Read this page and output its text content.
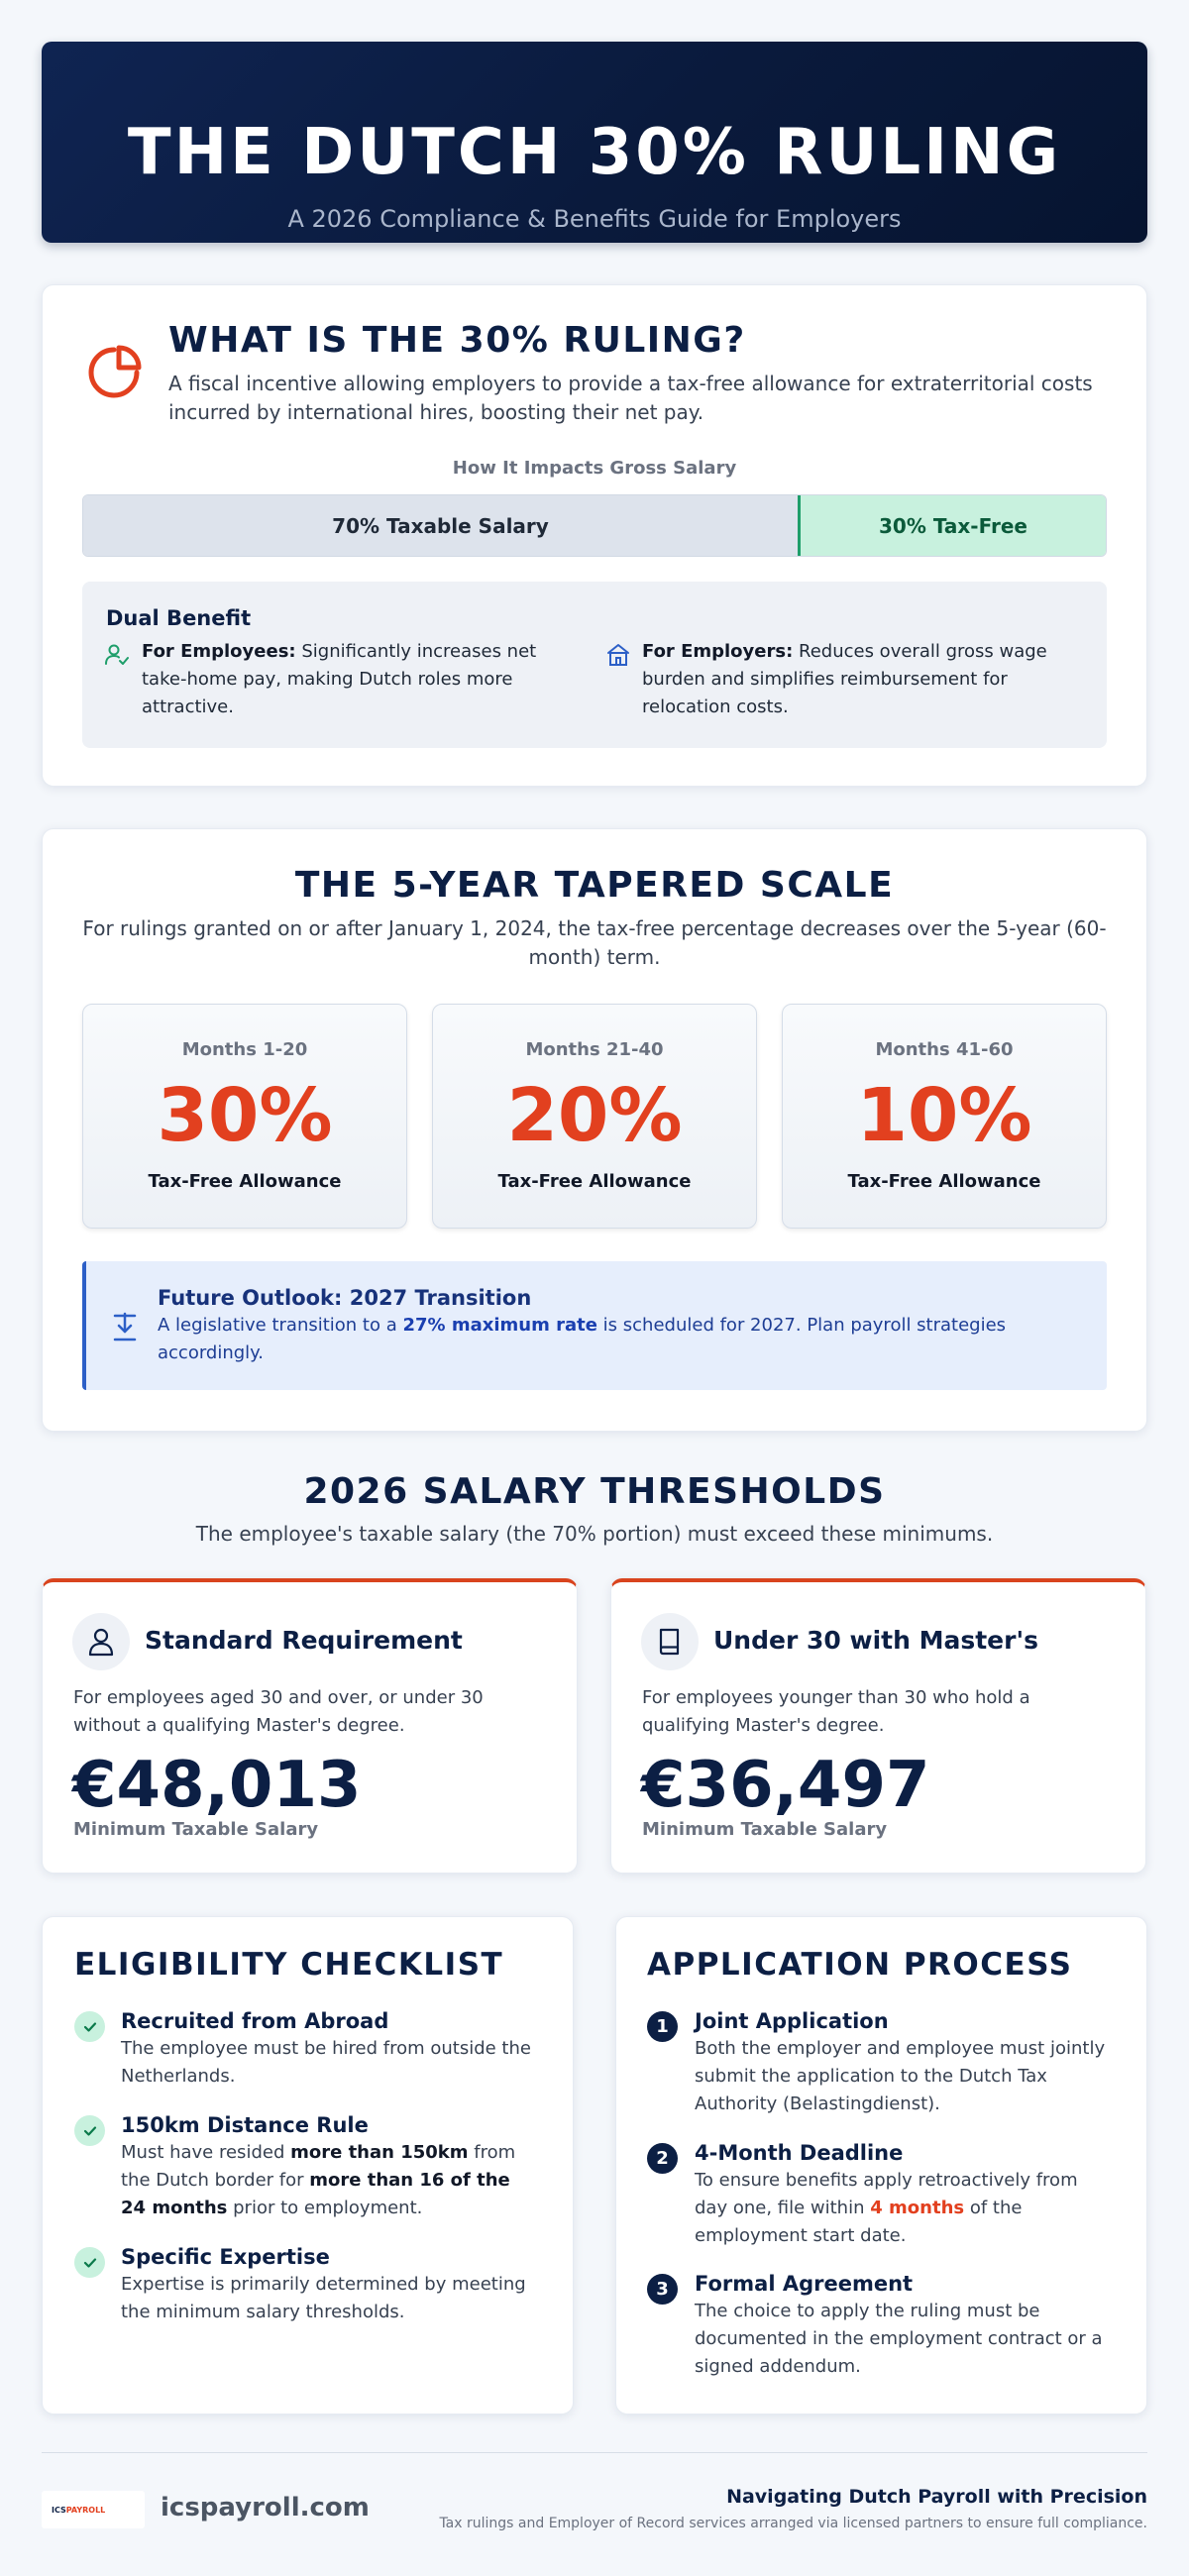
THE DUTCH 30% RULING
A 2026 Compliance & Benefits Guide for Employers
WHAT IS THE 30% RULING?
A fiscal incentive allowing employers to provide a tax-free allowance for extraterritorial costs incurred by international hires, boosting their net pay.
How It Impacts Gross Salary
70% Taxable Salary	30% Tax-Free
Dual Benefit
For Employees: Significantly increases net take-home pay, making Dutch roles more attractive.
For Employers: Reduces overall gross wage burden and simplifies reimbursement for relocation costs.
THE 5-YEAR TAPERED SCALE
For rulings granted on or after January 1, 2024, the tax-free percentage decreases over the 5-year (60-month) term.
Months 1-20
30%
Tax-Free Allowance
Months 21-40
20%
Tax-Free Allowance
Months 41-60
10%
Tax-Free Allowance
Future Outlook: 2027 Transition
A legislative transition to a 27% maximum rate is scheduled for 2027. Plan payroll strategies accordingly.
2026 SALARY THRESHOLDS
The employee's taxable salary (the 70% portion) must exceed these minimums.
Standard Requirement
For employees aged 30 and over, or under 30 without a qualifying Master's degree.
€48,013
Minimum Taxable Salary
Under 30 with Master's
For employees younger than 30 who hold a qualifying Master's degree.
€36,497
Minimum Taxable Salary
ELIGIBILITY CHECKLIST
Recruited from Abroad
The employee must be hired from outside the Netherlands.
150km Distance Rule
Must have resided more than 150km from the Dutch border for more than 16 of the 24 months prior to employment.
Specific Expertise
Expertise is primarily determined by meeting the minimum salary thresholds.
APPLICATION PROCESS
1	Joint Application
Both the employer and employee must jointly submit the application to the Dutch Tax Authority (Belastingdienst).
2	4-Month Deadline
To ensure benefits apply retroactively from day one, file within 4 months of the employment start date.
3	Formal Agreement
The choice to apply the ruling must be documented in the employment contract or a signed addendum.
ICS PAYROLL icspayroll.com	Navigating Dutch Payroll with Precision
Tax rulings and Employer of Record services arranged via licensed partners to ensure full compliance.
